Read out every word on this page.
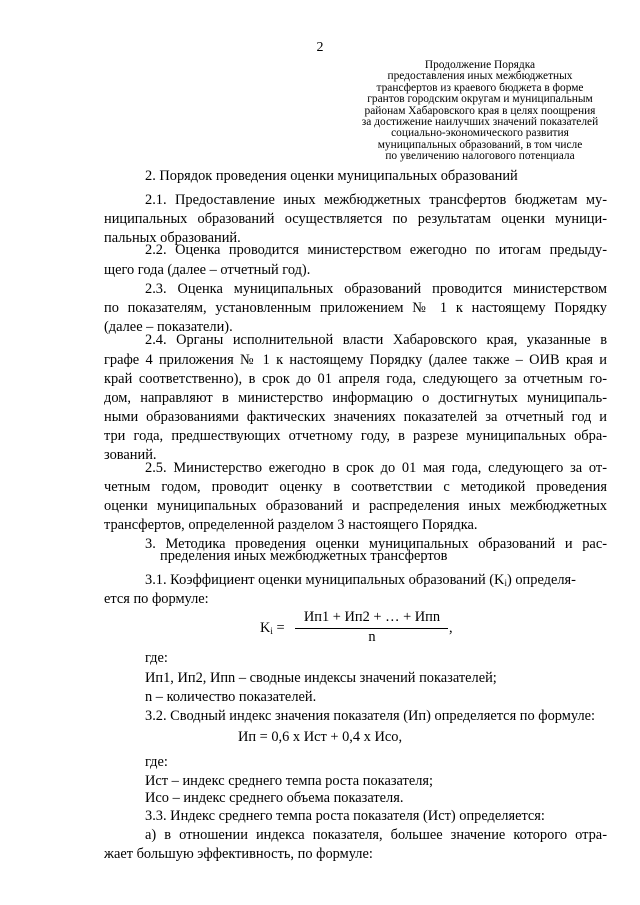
2
Продолжение Порядка
предоставления иных межбюджетных
трансфертов из краевого бюджета в форме
грантов городским округам и муниципальным
районам Хабаровского края в целях поощрения
за достижение наилучших значений показателей
социально-экономического развития
муниципальных образований, в том числе
по увеличению налогового потенциала
2. Порядок проведения оценки муниципальных образований
2.1. Предоставление иных межбюджетных трансфертов бюджетам му-
ниципальных образований осуществляется по результатам оценки муници-
пальных образований.
2.2. Оценка проводится министерством ежегодно по итогам предыду-
щего года (далее – отчетный год).
2.3. Оценка муниципальных образований проводится министерством
по показателям, установленным приложением № 1 к настоящему Порядку
(далее – показатели).
2.4. Органы исполнительной власти Хабаровского края, указанные в
графе 4 приложения № 1 к настоящему Порядку (далее также – ОИВ края и
край соответственно), в срок до 01 апреля года, следующего за отчетным го-
дом, направляют в министерство информацию о достигнутых муниципаль-
ными образованиями фактических значениях показателей за отчетный год и
три года, предшествующих отчетному году, в разрезе муниципальных обра-
зований.
2.5. Министерство ежегодно в срок до 01 мая года, следующего за от-
четным годом, проводит оценку в соответствии с методикой проведения
оценки муниципальных образований и распределения иных межбюджетных
трансфертов, определенной разделом 3 настоящего Порядка.
3. Методика проведения оценки муниципальных образований и рас-
пределения иных межбюджетных трансфертов
3.1. Коэффициент оценки муниципальных образований $(K_i)$ определя-
ется по формуле:
$K_i$ =
Ип1 + Ип2 + … + Ипn
n
,
где:
Ип1, Ип2, Ипn – сводные индексы значений показателей;
n – количество показателей.
3.2. Сводный индекс значения показателя (Ип) определяется по формуле:
Ип = 0,6 х Ист + 0,4 х Исо,
где:
Ист – индекс среднего темпа роста показателя;
Исо – индекс среднего объема показателя.
3.3. Индекс среднего темпа роста показателя (Ист) определяется:
а) в отношении индекса показателя, большее значение которого отра-
жает большую эффективность, по формуле:
